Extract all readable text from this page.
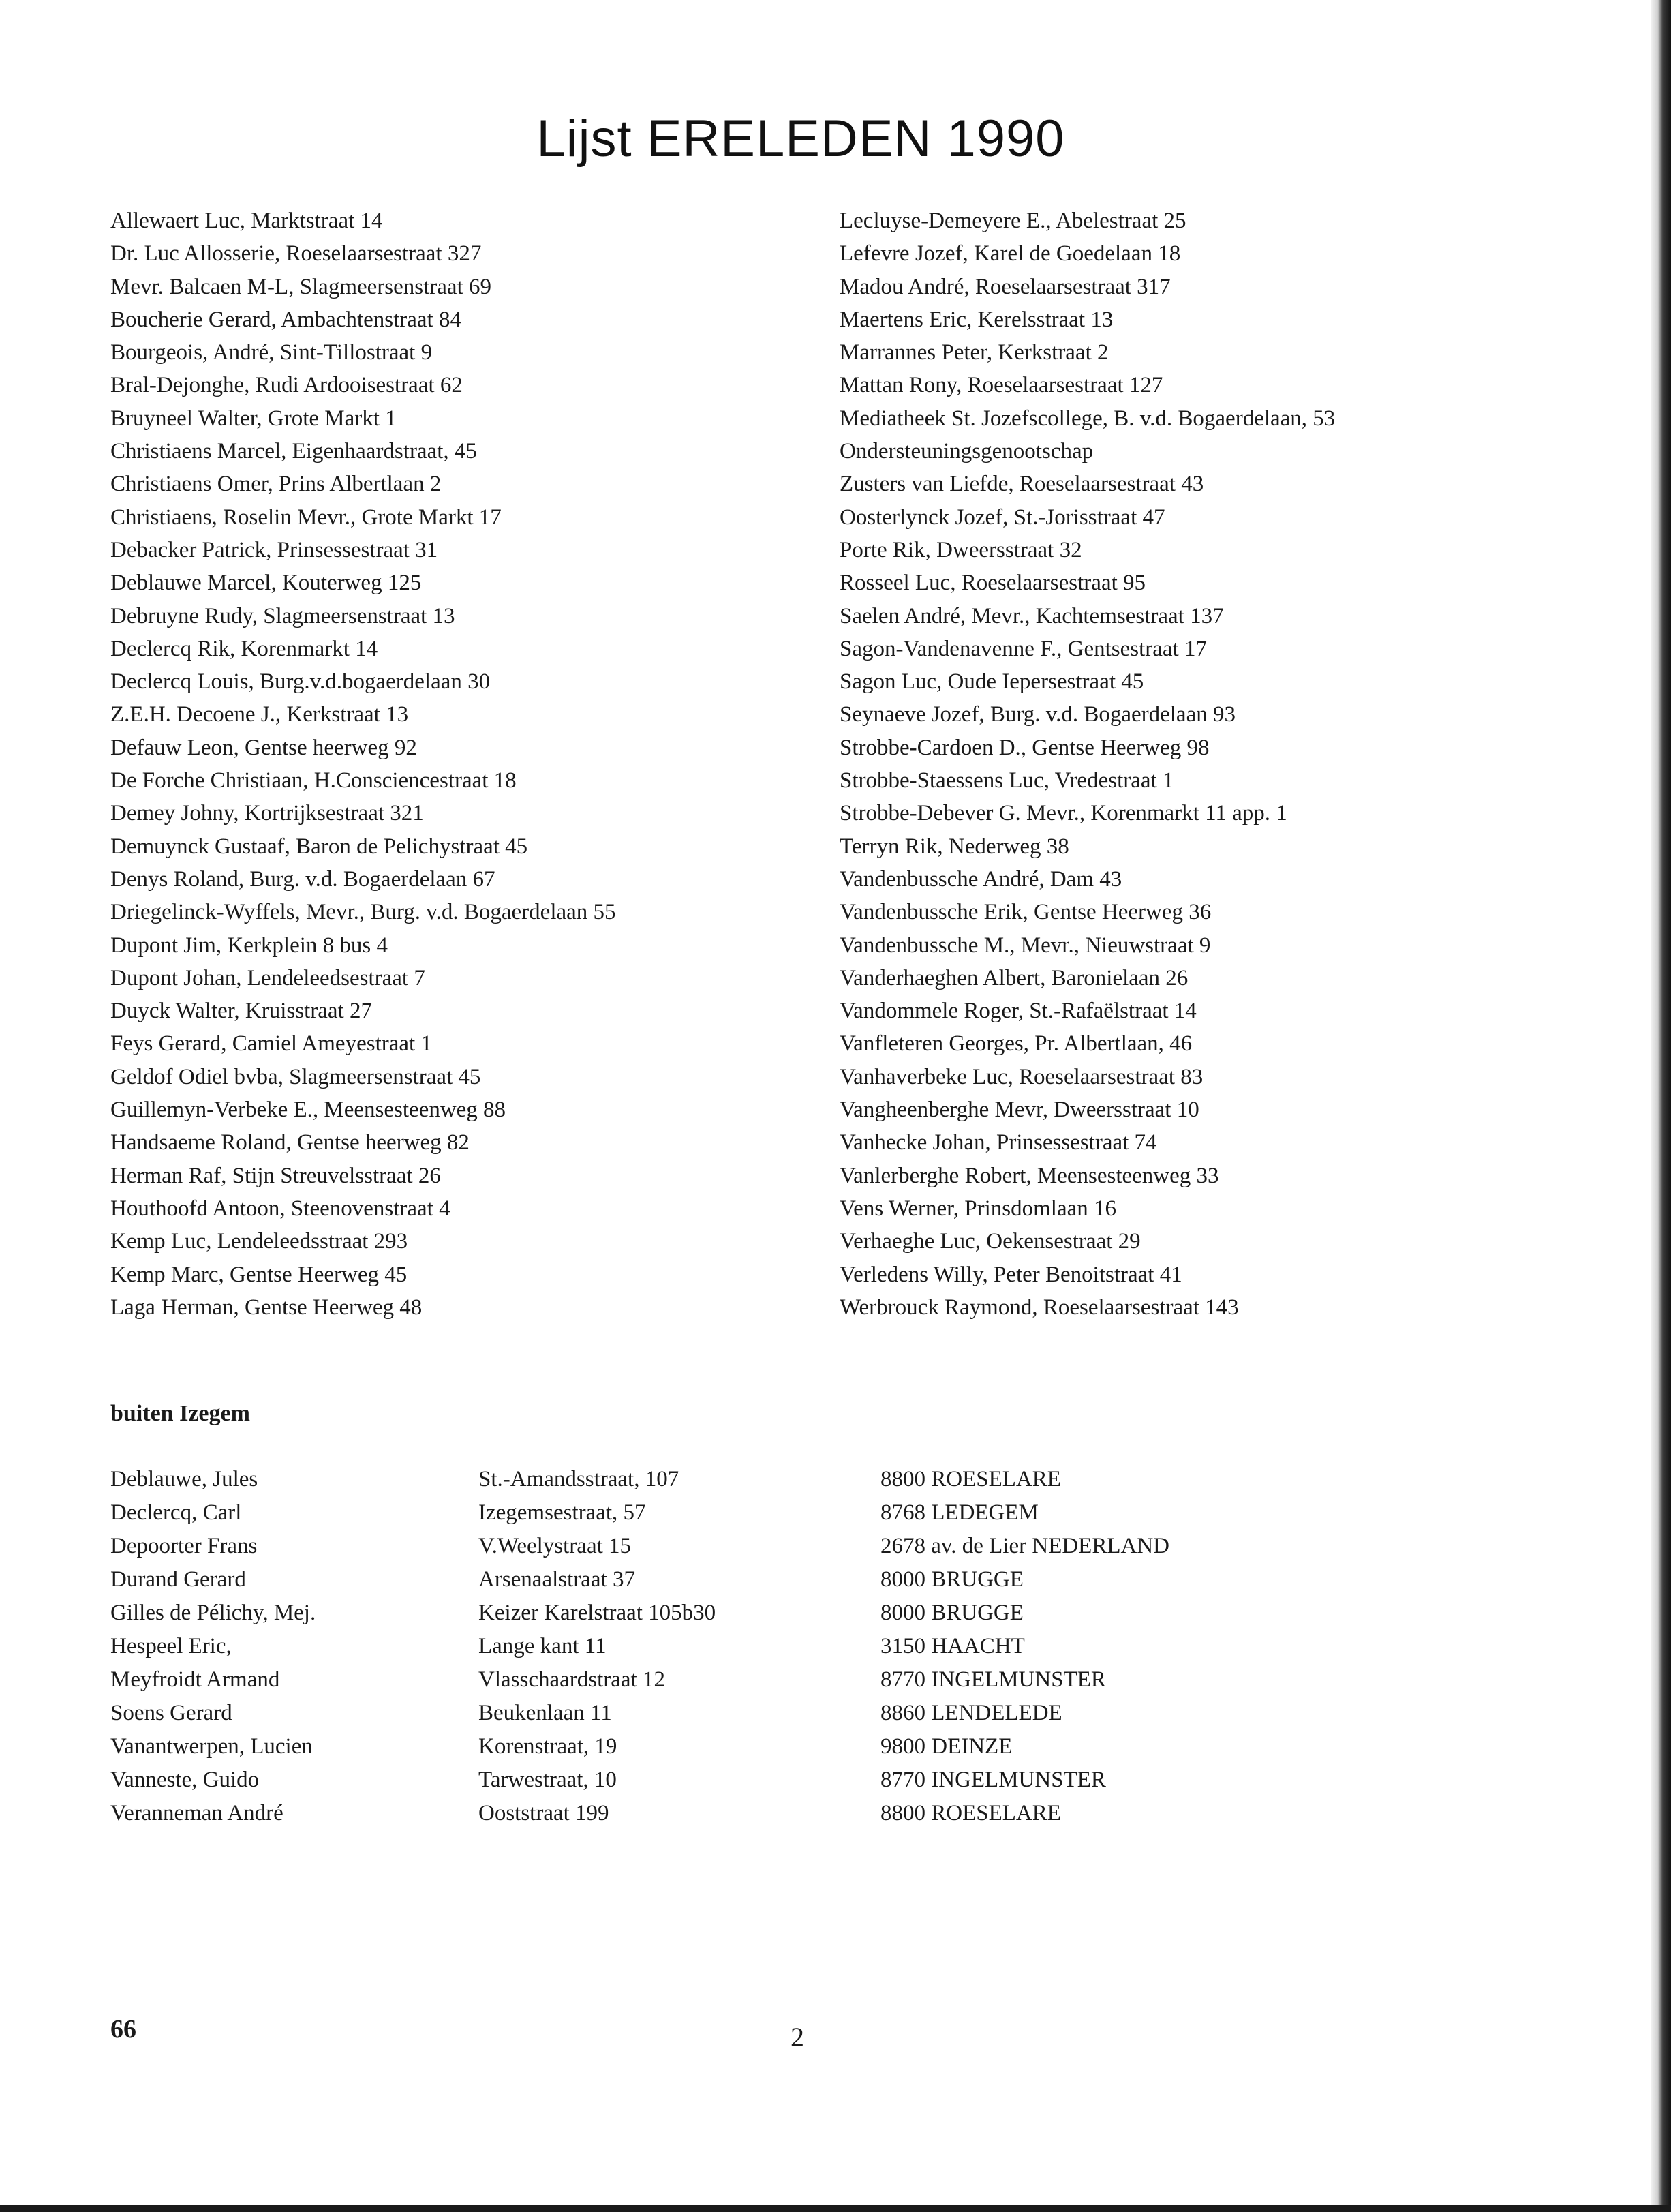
Lijst ERELEDEN 1990
Allewaert Luc, Marktstraat 14
Dr. Luc Allosserie, Roeselaarsestraat 327
Mevr. Balcaen M-L, Slagmeersenstraat 69
Boucherie Gerard, Ambachtenstraat 84
Bourgeois, André, Sint-Tillostraat 9
Bral-Dejonghe, Rudi Ardooisestraat 62
Bruyneel Walter, Grote Markt 1
Christiaens Marcel, Eigenhaardstraat, 45
Christiaens Omer, Prins Albertlaan 2
Christiaens, Roselin Mevr., Grote Markt 17
Debacker Patrick, Prinsessestraat 31
Deblauwe Marcel, Kouterweg 125
Debruyne Rudy, Slagmeersenstraat 13
Declercq Rik, Korenmarkt 14
Declercq Louis, Burg.v.d.bogaerdelaan 30
Z.E.H. Decoene J., Kerkstraat 13
Defauw Leon, Gentse heerweg 92
De Forche Christiaan, H.Consciencestraat 18
Demey Johny, Kortrijksestraat 321
Demuynck Gustaaf, Baron de Pelichystraat 45
Denys Roland, Burg. v.d. Bogaerdelaan 67
Driegelinck-Wyffels, Mevr., Burg. v.d. Bogaerdelaan 55
Dupont Jim, Kerkplein 8 bus 4
Dupont Johan, Lendeleedsestraat 7
Duyck Walter, Kruisstraat 27
Feys Gerard, Camiel Ameyestraat 1
Geldof Odiel bvba, Slagmeersenstraat 45
Guillemyn-Verbeke E., Meensesteenweg 88
Handsaeme Roland, Gentse heerweg 82
Herman Raf, Stijn Streuvelsstraat 26
Houthoofd Antoon, Steenovenstraat 4
Kemp Luc, Lendeleedsstraat 293
Kemp Marc, Gentse Heerweg 45
Laga Herman, Gentse Heerweg 48
Lecluyse-Demeyere E., Abelestraat 25
Lefevre Jozef, Karel de Goedelaan 18
Madou André, Roeselaarsestraat 317
Maertens Eric, Kerelsstraat 13
Marrannes Peter, Kerkstraat 2
Mattan Rony, Roeselaarsestraat 127
Mediatheek St. Jozefscollege, B. v.d. Bogaerdelaan, 53
Ondersteuningsgenootschap
Zusters van Liefde, Roeselaarsestraat 43
Oosterlynck Jozef, St.-Jorisstraat 47
Porte Rik, Dweersstraat 32
Rosseel Luc, Roeselaarsestraat 95
Saelen André, Mevr., Kachtemsestraat 137
Sagon-Vandenavenne F., Gentsestraat 17
Sagon Luc, Oude Iepersestraat 45
Seynaeve Jozef, Burg. v.d. Bogaerdelaan 93
Strobbe-Cardoen D., Gentse Heerweg 98
Strobbe-Staessens Luc, Vredestraat 1
Strobbe-Debever G. Mevr., Korenmarkt 11 app. 1
Terryn Rik, Nederweg 38
Vandenbussche André, Dam 43
Vandenbussche Erik, Gentse Heerweg 36
Vandenbussche M., Mevr., Nieuwstraat 9
Vanderhaeghen Albert, Baronielaan 26
Vandommele Roger, St.-Rafaëlstraat 14
Vanfleteren Georges, Pr. Albertlaan, 46
Vanhaverbeke Luc, Roeselaarsestraat 83
Vangheenberghe Mevr, Dweersstraat 10
Vanhecke Johan, Prinsessestraat 74
Vanlerberghe Robert, Meensesteenweg 33
Vens Werner, Prinsdomlaan 16
Verhaeghe Luc, Oekensestraat 29
Verledens Willy, Peter Benoitstraat 41
Werbrouck Raymond, Roeselaarsestraat 143

buiten Izegem

Deblauwe, Jules	St.-Amandsstraat, 107	8800 ROESELARE
Declercq, Carl	Izegemsestraat, 57	8768 LEDEGEM
Depoorter Frans	V.Weelystraat 15	2678 av. de Lier NEDERLAND
Durand Gerard	Arsenaalstraat 37	8000 BRUGGE
Gilles de Pélichy, Mej.	Keizer Karelstraat 105b30	8000 BRUGGE
Hespeel Eric,	Lange kant 11	3150 HAACHT
Meyfroidt Armand	Vlasschaardstraat 12	8770 INGELMUNSTER
Soens Gerard	Beukenlaan 11	8860 LENDELEDE
Vanantwerpen, Lucien	Korenstraat, 19	9800 DEINZE
Vanneste, Guido	Tarwestraat, 10	8770 INGELMUNSTER
Veranneman André	Ooststraat 199	8800 ROESELARE
66	2
